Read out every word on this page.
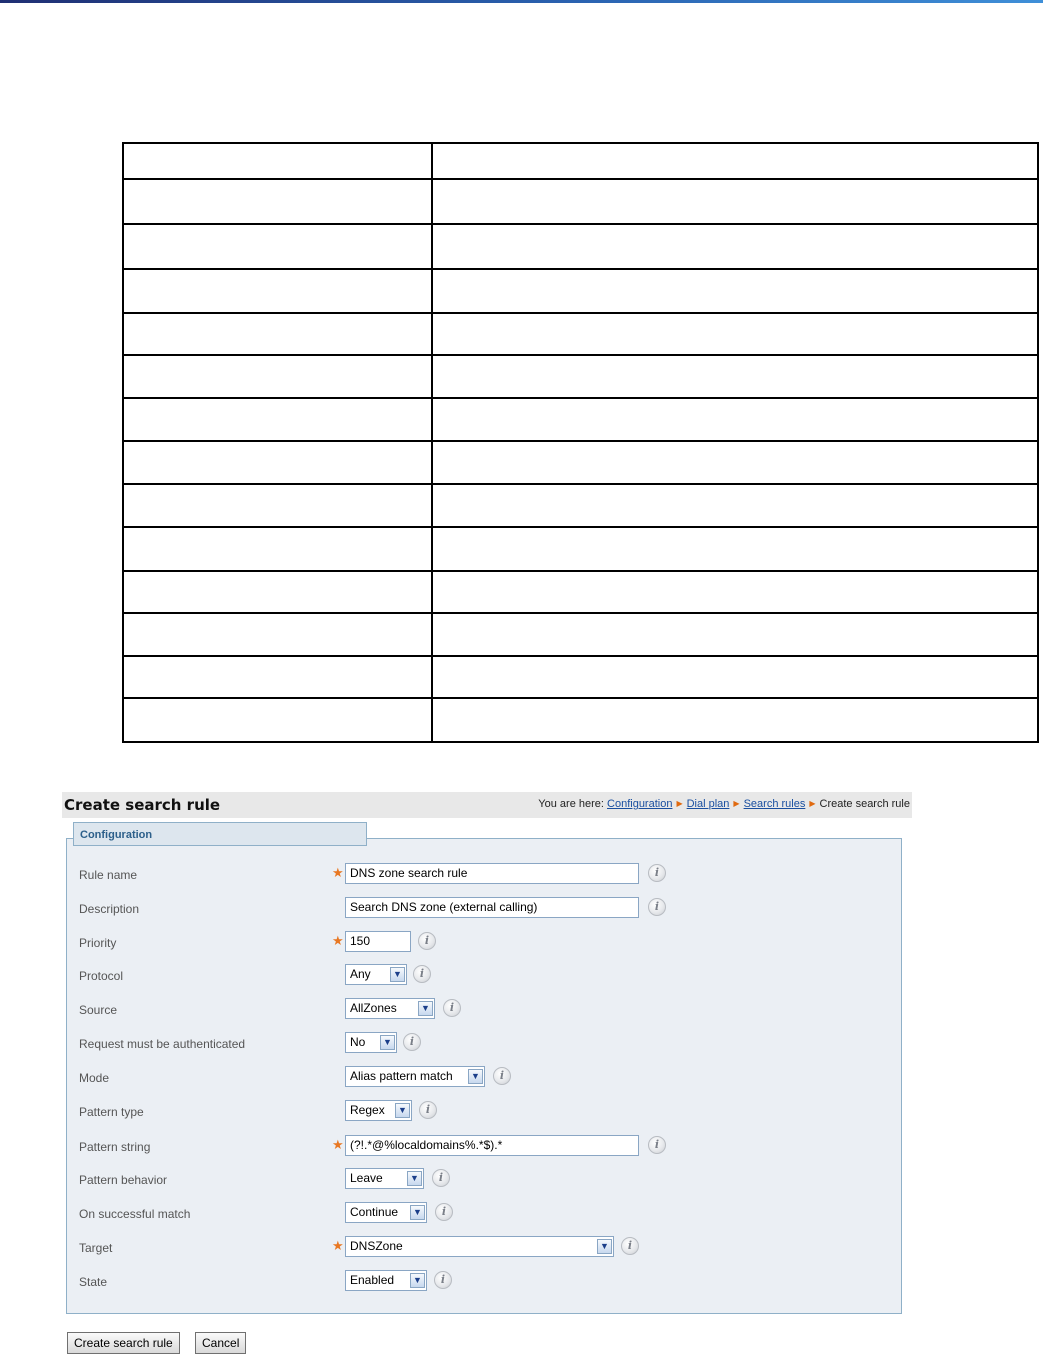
Create search rule	You are here: Configuration ▶ Dial plan ▶ Search rules ▶ Create search rule
Configuration
Rule name	★ DNS zone search rule	i
Description	Search DNS zone (external calling)	i
Priority	★ 150	i
Protocol	Any	▼	i
Source	AllZones	▼	i
Request must be authenticated	No	▼	i
Mode	Alias pattern match	▼	i
Pattern type	Regex	▼	i
Pattern string	★ (?!.*@%localdomains%.*$).*	i
Pattern behavior	Leave	▼	i
On successful match	Continue	▼	i
Target	★ DNSZone	▼	i
State	Enabled	▼	i
Create search rule	Cancel
